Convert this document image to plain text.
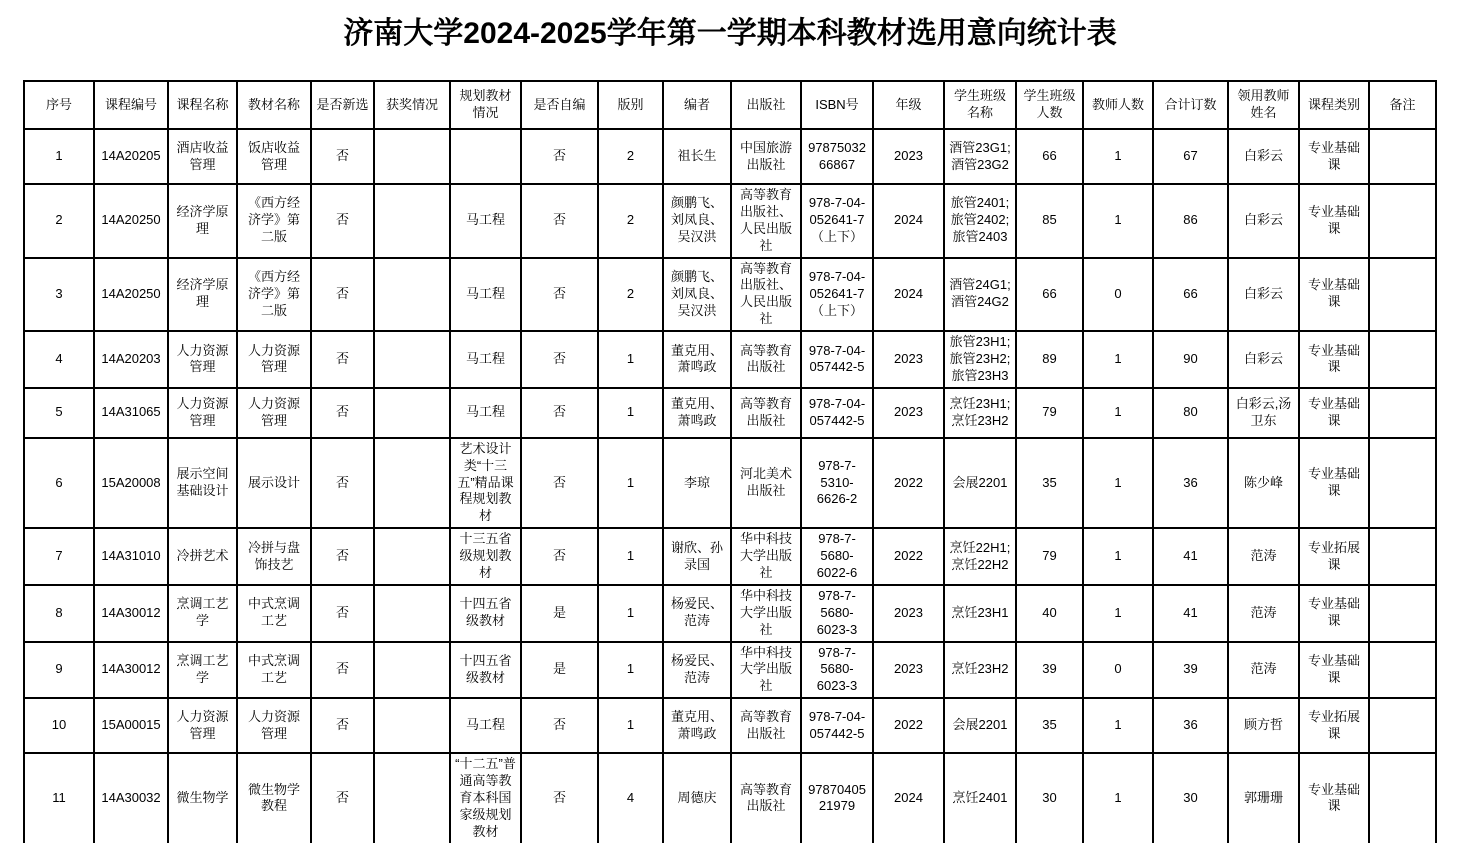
济南大学2024-2025学年第一学期本科教材选用意向统计表
序号	课程编号	课程名称	教材名称	是否新选	获奖情况	规划教材情况	是否自编	版别	编者	出版社	ISBN号	年级	学生班级名称	学生班级人数	教师人数	合计订数	领用教师姓名	课程类别	备注
1	14A20205	酒店收益管理	饭店收益管理	否			否	2	祖长生	中国旅游出版社	9787503266867	2023	酒管23G1;酒管23G2	66	1	67	白彩云	专业基础课	
2	14A20250	经济学原理	《西方经济学》第二版	否		马工程	否	2	颜鹏飞、刘凤良、吴汉洪	高等教育出版社、人民出版社	978-7-04-052641-7（上下）	2024	旅管2401;旅管2402;旅管2403	85	1	86	白彩云	专业基础课	
3	14A20250	经济学原理	《西方经济学》第二版	否		马工程	否	2	颜鹏飞、刘凤良、吴汉洪	高等教育出版社、人民出版社	978-7-04-052641-7（上下）	2024	酒管24G1;酒管24G2	66	0	66	白彩云	专业基础课	
4	14A20203	人力资源管理	人力资源管理	否		马工程	否	1	董克用、萧鸣政	高等教育出版社	978-7-04-057442-5	2023	旅管23H1;旅管23H2;旅管23H3	89	1	90	白彩云	专业基础课	
5	14A31065	人力资源管理	人力资源管理	否		马工程	否	1	董克用、萧鸣政	高等教育出版社	978-7-04-057442-5	2023	烹饪23H1;烹饪23H2	79	1	80	白彩云,汤卫东	专业基础课	
6	15A20008	展示空间基础设计	展示设计	否		艺术设计类“十三五”精品课程规划教材	否	1	李琼	河北美术出版社	978-7-5310-6626-2	2022	会展2201	35	1	36	陈少峰	专业基础课	
7	14A31010	冷拼艺术	冷拼与盘饰技艺	否		十三五省级规划教材	否	1	谢欣、孙录国	华中科技大学出版社	978-7-5680-6022-6	2022	烹饪22H1;烹饪22H2	79	1	41	范涛	专业拓展课	
8	14A30012	烹调工艺学	中式烹调工艺	否		十四五省级教材	是	1	杨爱民、范涛	华中科技大学出版社	978-7-5680-6023-3	2023	烹饪23H1	40	1	41	范涛	专业基础课	
9	14A30012	烹调工艺学	中式烹调工艺	否		十四五省级教材	是	1	杨爱民、范涛	华中科技大学出版社	978-7-5680-6023-3	2023	烹饪23H2	39	0	39	范涛	专业基础课	
10	15A00015	人力资源管理	人力资源管理	否		马工程	否	1	董克用、萧鸣政	高等教育出版社	978-7-04-057442-5	2022	会展2201	35	1	36	顾方哲	专业拓展课	
11	14A30032	微生物学	微生物学教程	否		“十二五”普通高等教育本科国家级规划教材	否	4	周德庆	高等教育出版社	9787040521979	2024	烹饪2401	30	1	30	郭珊珊	专业基础课	
